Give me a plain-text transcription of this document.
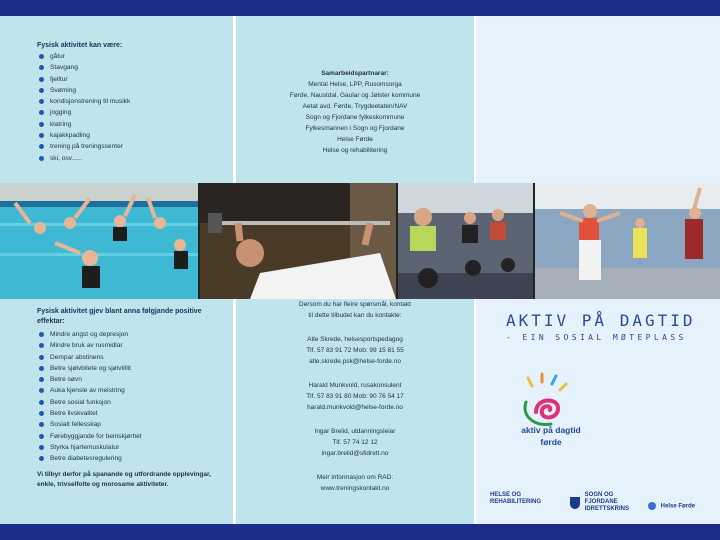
Fysisk aktivitet kan være:
gåtur
Stavgang
fjelltur
Svøming
kondisjonstrening til musikk
jogging
klatring
kajakkpadling
trening på treningssenter
ski, osv......
Samarbeidspartnarar:
Mental Helse, LPP, Rusomsorga
Førde, Naustdal, Gaular og Jølster kommune
Aetat avd. Førde, Trygdeetaten/NAV
Sogn og Fjordane fylkeskommune
Fylkesmannen i Sogn og Fjordane
Helse Førde
Helse og rehabilitering
Fysisk aktivitet gjev blant anna følgjande positive effektar:
Mindre angst og depresjon
Mindre bruk av rusmidlar
Dempar abstinens
Betre sjølvbilete og sjølvtillit
Betre søvn
Auka kjensle av meistring
Betre sosial funksjon
Betre livskvalitet
Sosialt fellesskap
Førebyggjande for beinskjørhet
Styrka hjartemuskulatur
Betre diabetesregulering
Vi tilbyr derfor på spanande og utfordrande opplevingar, enkle, trivselfolte og morosame aktiviteter.
Dersom du har fleire spørsmål, kontakt
til dette tilbudet kan du kontakte:
Atle Skrede, helsesportspedagog
Tlf. 57 83 91 72 Mob: 99 15 81 55
atle.skrede.psk@helse-forde.no
Harald Munkvold, rusakonsulent
Tlf. 57 83 91 80 Mob: 90 76 54 17
harald.munkvold@helse-forde.no
Ingar Brelid, utdanningsleiar
Tlf. 57 74 12 12
ingar.brelid@sfidrett.no
Meir informasjon om RAD:
www.treningskontakt.no
AKTIV PÅ DAGTID
- EIN SOSIAL MØTEPLASS
aktiv på dagtid
førde
HELSE OG REHABILITERING
SOGN OG FJORDANE IDRETTSKRINS	Helse Førde
